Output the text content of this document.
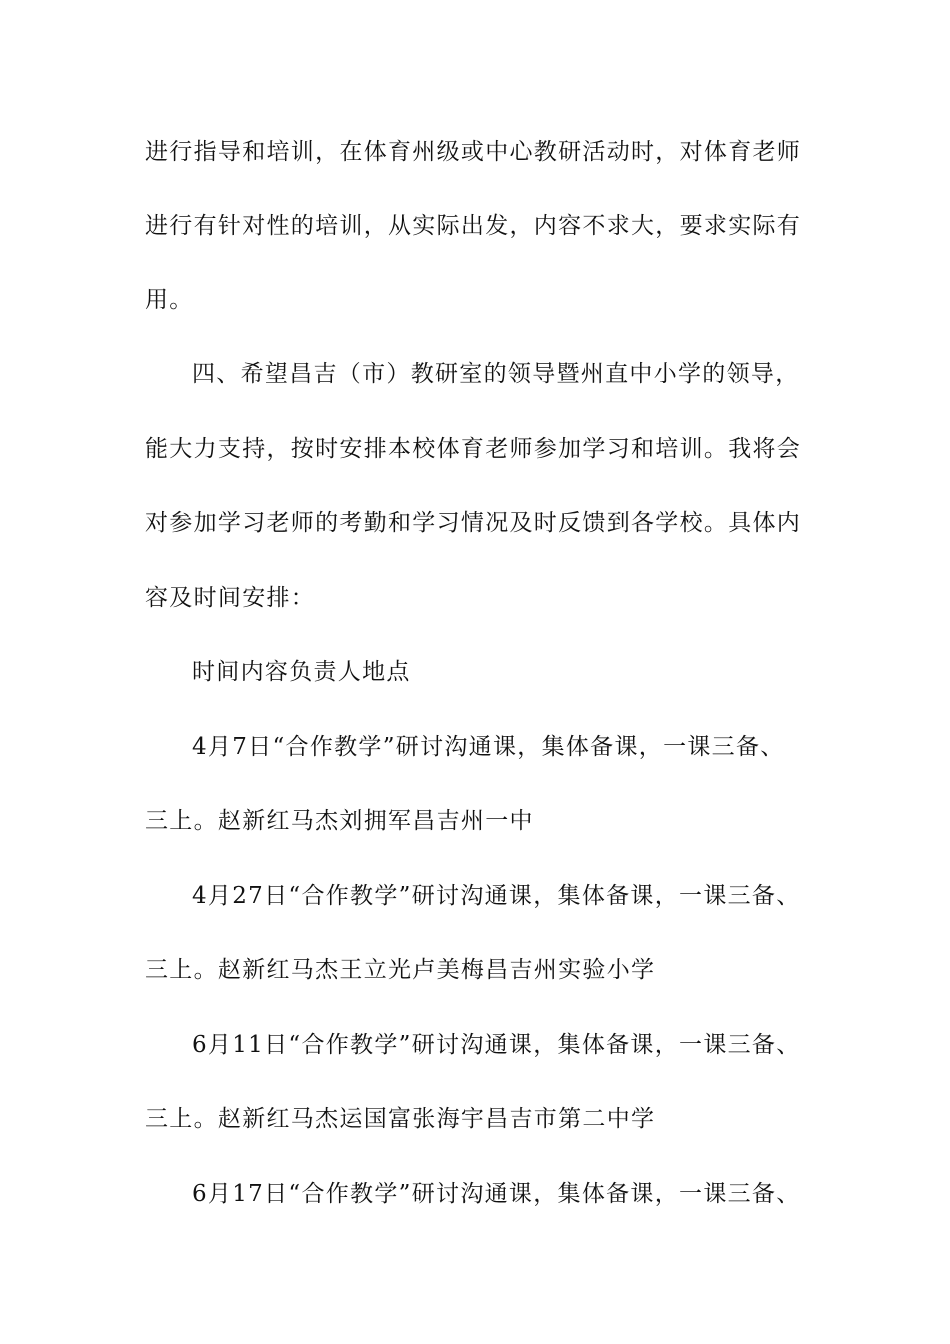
进行指导和培训，在体育州级或中心教研活动时，对体育老师
进行有针对性的培训，从实际出发，内容不求大，要求实际有
用。
四、希望昌吉（市）教研室的领导暨州直中小学的领导，
能大力支持，按时安排本校体育老师参加学习和培训。我将会
对参加学习老师的考勤和学习情况及时反馈到各学校。具体内
容及时间安排：
时间内容负责人地点
4月7日“合作教学”研讨沟通课，集体备课，一课三备、
三上。赵新红马杰刘拥军昌吉州一中
4月27日“合作教学”研讨沟通课，集体备课，一课三备、
三上。赵新红马杰王立光卢美梅昌吉州实验小学
6月11日“合作教学”研讨沟通课，集体备课，一课三备、
三上。赵新红马杰运国富张海宇昌吉市第二中学
6月17日“合作教学”研讨沟通课，集体备课，一课三备、
